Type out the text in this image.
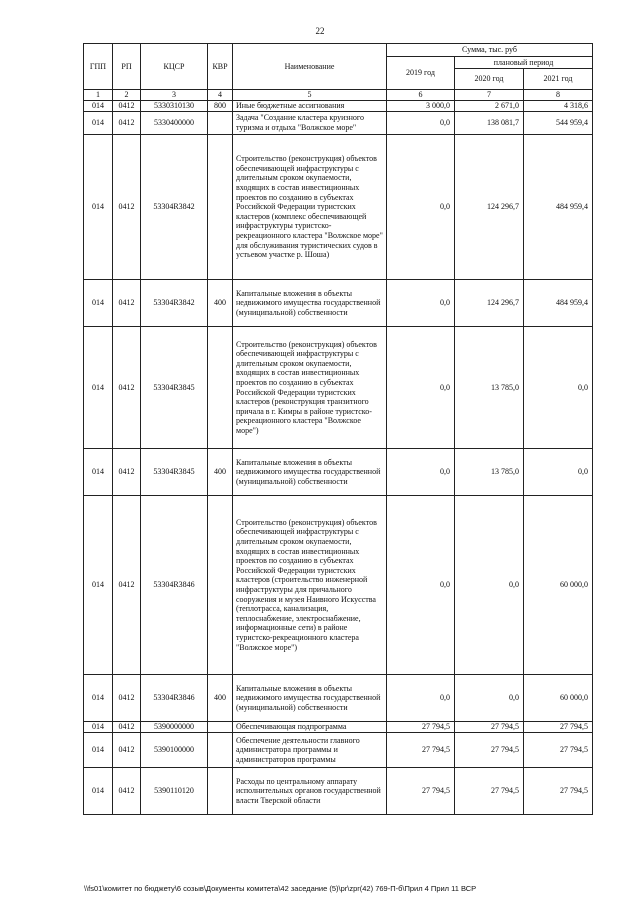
22
ГПП	РП	КЦСР	КВР	Наименование	Сумма, тыс. руб		
					2019 год	плановый период	
						2020 год	2021 год
1	2	3	4	5	6	7	8
014	0412	5330310130	800	Иные бюджетные ассигнования	3 000,0	2 671,0	4 318,6
014	0412	5330400000		Задача "Создание кластера круизного туризма и отдыха "Волжское море"	0,0	138 081,7	544 959,4
014	0412	53304R3842		Строительство (реконструкция) объектов обеспечивающей инфраструктуры с длительным сроком окупаемости, входящих в состав инвестиционных проектов по созданию в субъектах Российской Федерации туристских кластеров (комплекс обеспечивающей инфраструктуры туристско-рекреационного кластера "Волжское море" для обслуживания туристических судов в устьевом участке р. Шоша)	0,0	124 296,7	484 959,4
014	0412	53304R3842	400	Капитальные вложения в объекты недвижимого имущества государственной (муниципальной) собственности	0,0	124 296,7	484 959,4
014	0412	53304R3845		Строительство (реконструкция) объектов обеспечивающей инфраструктуры с длительным сроком окупаемости, входящих в состав инвестиционных проектов по созданию в субъектах Российской Федерации туристских кластеров (реконструкция транзитного причала в г. Кимры в районе туристско-рекреационного кластера "Волжское море")	0,0	13 785,0	0,0
014	0412	53304R3845	400	Капитальные вложения в объекты недвижимого имущества государственной (муниципальной) собственности	0,0	13 785,0	0,0
014	0412	53304R3846		Строительство (реконструкция) объектов обеспечивающей инфраструктуры с длительным сроком окупаемости, входящих в состав инвестиционных проектов по созданию в субъектах Российской Федерации туристских кластеров (строительство инженерной инфраструктуры для причального сооружения и музея Наивного Искусства (теплотрасса, канализация, теплоснабжение, электроснабжение, информационные сети) в районе туристско-рекреационного кластера "Волжское море")	0,0	0,0	60 000,0
014	0412	53304R3846	400	Капитальные вложения в объекты недвижимого имущества государственной (муниципальной) собственности	0,0	0,0	60 000,0
014	0412	5390000000		Обеспечивающая подпрограмма	27 794,5	27 794,5	27 794,5
014	0412	5390100000		Обеспечение деятельности главного администратора программы и администраторов программы	27 794,5	27 794,5	27 794,5
014	0412	5390110120		Расходы по центральному аппарату исполнительных органов государственной власти Тверской области	27 794,5	27 794,5	27 794,5
\\fs01\комитет по бюджету\6 созыв\Документы комитета\42 заседание (5)\pr\zpr(42) 769-П-б\Прил 4 Прил 11 ВСР
